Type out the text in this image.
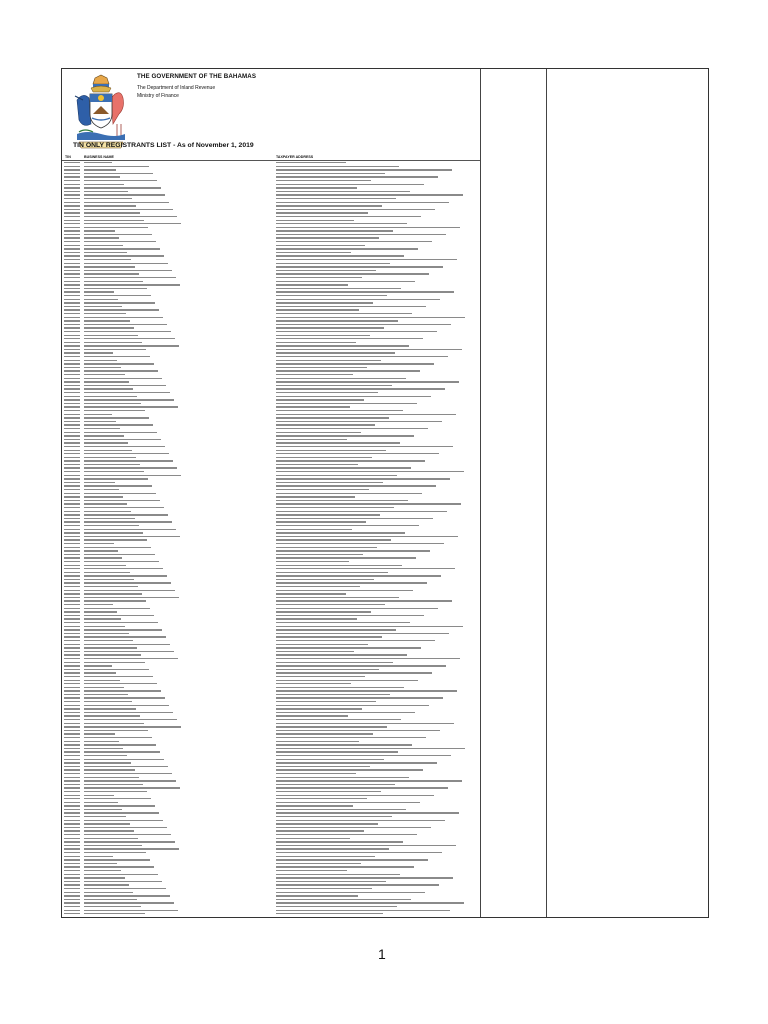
THE GOVERNMENT OF THE BAHAMAS
The Department of Inland Revenue
Ministry of Finance
TIN ONLY REGISTRANTS LIST - As of November 1, 2019
TIN	BUSINESS NAME	TAXPAYER ADDRESS
1
